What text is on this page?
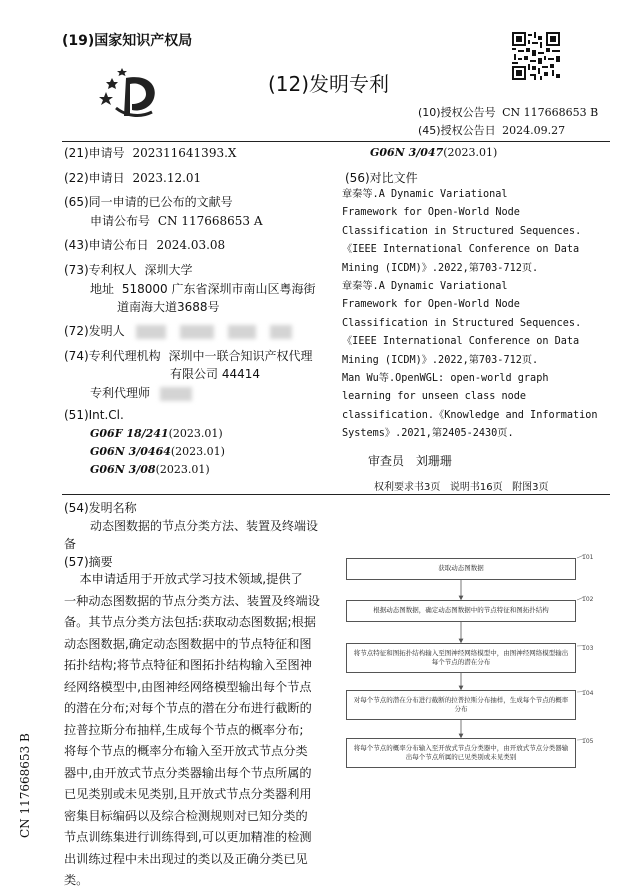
(19)国家知识产权局
(12)发明专利
(10)授权公告号 CN 117668653 B
(45)授权公告日 2024.09.27
(21)申请号 202311641393.X
(22)申请日 2023.12.01
(65)同一申请的已公布的文献号
申请公布号 CN 117668653 A
(43)申请公布日 2024.03.08
(73)专利权人 深圳大学
地址 518000 广东省深圳市南山区粤海街
道南海大道3688号
(72)发明人
(74)专利代理机构 深圳中一联合知识产权代理
有限公司 44414
专利代理师
(51)Int.Cl.
G06F 18/241(2023.01)
G06N 3/0464(2023.01)
G06N 3/08(2023.01)
G06N 3/047(2023.01)
(56)对比文件
章秦等.A Dynamic Variational
Framework for Open-World Node
Classification in Structured Sequences.
《IEEE International Conference on Data
Mining (ICDM)》.2022,第703-712页.
章秦等.A Dynamic Variational
Framework for Open-World Node
Classification in Structured Sequences.
《IEEE International Conference on Data
Mining (ICDM)》.2022,第703-712页.
Man Wu等.OpenWGL: open-world graph
learning for unseen class node
classification.《Knowledge and Information
Systems》.2021,第2405-2430页.
审查员 刘珊珊
权利要求书3页   说明书16页   附图3页
(54)发明名称
动态图数据的节点分类方法、装置及终端设
备
(57)摘要
本申请适用于开放式学习技术领域,提供了
一种动态图数据的节点分类方法、装置及终端设
备。其节点分类方法包括:获取动态图数据;根据
动态图数据,确定动态图数据中的节点特征和图
拓扑结构;将节点特征和图拓扑结构输入至图神
经网络模型中,由图神经网络模型输出每个节点
的潜在分布;对每个节点的潜在分布进行截断的
拉普拉斯分布抽样,生成每个节点的概率分布;
将每个节点的概率分布输入至开放式节点分类
器中,由开放式节点分类器输出每个节点所属的
已见类别或未见类别,且开放式节点分类器利用
密集目标编码以及综合检测规则对已知分类的
节点训练集进行训练得到,可以更加精准的检测
出训练过程中未出现过的类以及正确分类已见
类。
CN 117668653 B
获取动态图数据
101
根据动态图数据，确定动态图数据中的节点特征和图拓扑结构
102
将节点特征和图拓扑结构输入至图神经网络模型中，由图神经网络模型输出每个节点的潜在分布
103
对每个节点的潜在分布进行截断的拉普拉斯分布抽样，生成每个节点的概率分布
104
将每个节点的概率分布输入至开放式节点分类器中，由开放式节点分类器输出每个节点所属的已见类别或未见类别
105
